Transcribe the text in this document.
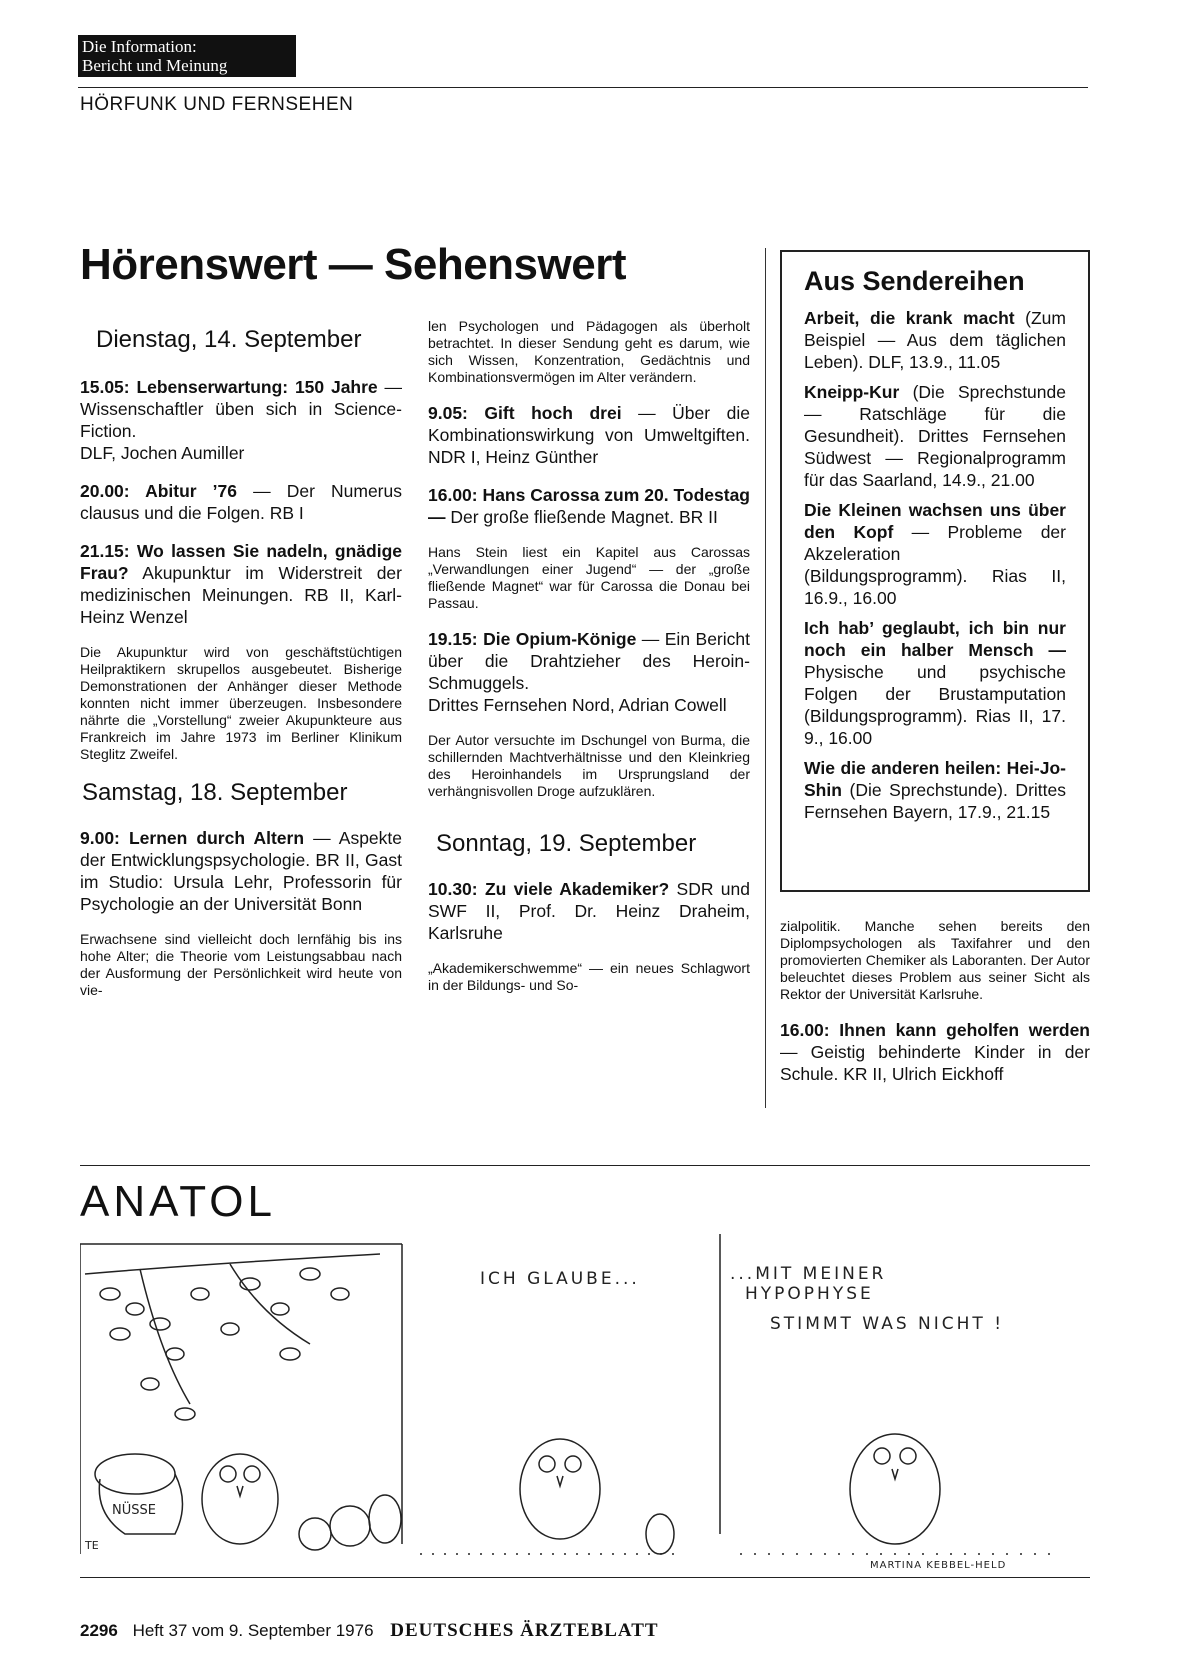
Die Information:
Bericht und Meinung
HÖRFUNK UND FERNSEHEN
Hörenswert — Sehenswert
Dienstag, 14. September
15.05: Lebenserwartung: 150 Jahre — Wissenschaftler üben sich in Science-Fiction.
DLF, Jochen Aumiller
20.00: Abitur ’76 — Der Numerus clausus und die Folgen. RB I
21.15: Wo lassen Sie nadeln, gnädige Frau? Akupunktur im Widerstreit der medizinischen Meinungen. RB II, Karl-Heinz Wenzel
Die Akupunktur wird von geschäftstüchtigen Heilpraktikern skrupellos ausgebeutet. Bisherige Demonstrationen der Anhänger dieser Methode konnten nicht immer überzeugen. Insbesondere nährte die „Vorstellung“ zweier Akupunkteure aus Frankreich im Jahre 1973 im Berliner Klinikum Steglitz Zweifel.
Samstag, 18. September
9.00: Lernen durch Altern — Aspekte der Entwicklungspsychologie. BR II, Gast im Studio: Ursula Lehr, Professorin für Psychologie an der Universität Bonn
Erwachsene sind vielleicht doch lernfähig bis ins hohe Alter; die Theorie vom Leistungsabbau nach der Ausformung der Persönlichkeit wird heute von vie-
len Psychologen und Pädagogen als überholt betrachtet. In dieser Sendung geht es darum, wie sich Wissen, Konzentration, Gedächtnis und Kombinationsvermögen im Alter verändern.
9.05: Gift hoch drei — Über die Kombinationswirkung von Umweltgiften. NDR I, Heinz Günther
16.00: Hans Carossa zum 20. Todestag — Der große fließende Magnet. BR II
Hans Stein liest ein Kapitel aus Carossas „Verwandlungen einer Jugend“ — der „große fließende Magnet“ war für Carossa die Donau bei Passau.
19.15: Die Opium-Könige — Ein Bericht über die Drahtzieher des Heroin-Schmuggels.
Drittes Fernsehen Nord, Adrian Cowell
Der Autor versuchte im Dschungel von Burma, die schillernden Machtverhältnisse und den Kleinkrieg des Heroinhandels im Ursprungsland der verhängnisvollen Droge aufzuklären.
Sonntag, 19. September
10.30: Zu viele Akademiker? SDR und SWF II, Prof. Dr. Heinz Draheim, Karlsruhe
„Akademikerschwemme“ — ein neues Schlagwort in der Bildungs- und So-
Aus Sendereihen
Arbeit, die krank macht (Zum Beispiel — Aus dem täglichen Leben). DLF, 13.9., 11.05
Kneipp-Kur (Die Sprechstunde — Ratschläge für die Gesundheit). Drittes Fernsehen Südwest — Regionalprogramm für das Saarland, 14.9., 21.00
Die Kleinen wachsen uns über den Kopf — Probleme der Akzeleration (Bildungsprogramm). Rias II, 16.9., 16.00
Ich hab’ geglaubt, ich bin nur noch ein halber Mensch — Physische und psychische Folgen der Brustamputation (Bildungsprogramm). Rias II, 17. 9., 16.00
Wie die anderen heilen: Hei-Jo-Shin (Die Sprechstunde). Drittes Fernsehen Bayern, 17.9., 21.15
zialpolitik. Manche sehen bereits den Diplompsychologen als Taxifahrer und den promovierten Chemiker als Laboranten. Der Autor beleuchtet dieses Problem aus seiner Sicht als Rektor der Universität Karlsruhe.
16.00: Ihnen kann geholfen werden — Geistig behinderte Kinder in der Schule. KR II, Ulrich Eickhoff
ANATOL
ICH GLAUBE...	...MIT MEINER
HYPOPHYSE
STIMMT WAS NICHT !
NÜSSE
TE
MARTINA KEBBEL-HELD
2296 Heft 37 vom 9. September 1976 DEUTSCHES ÄRZTEBLATT
